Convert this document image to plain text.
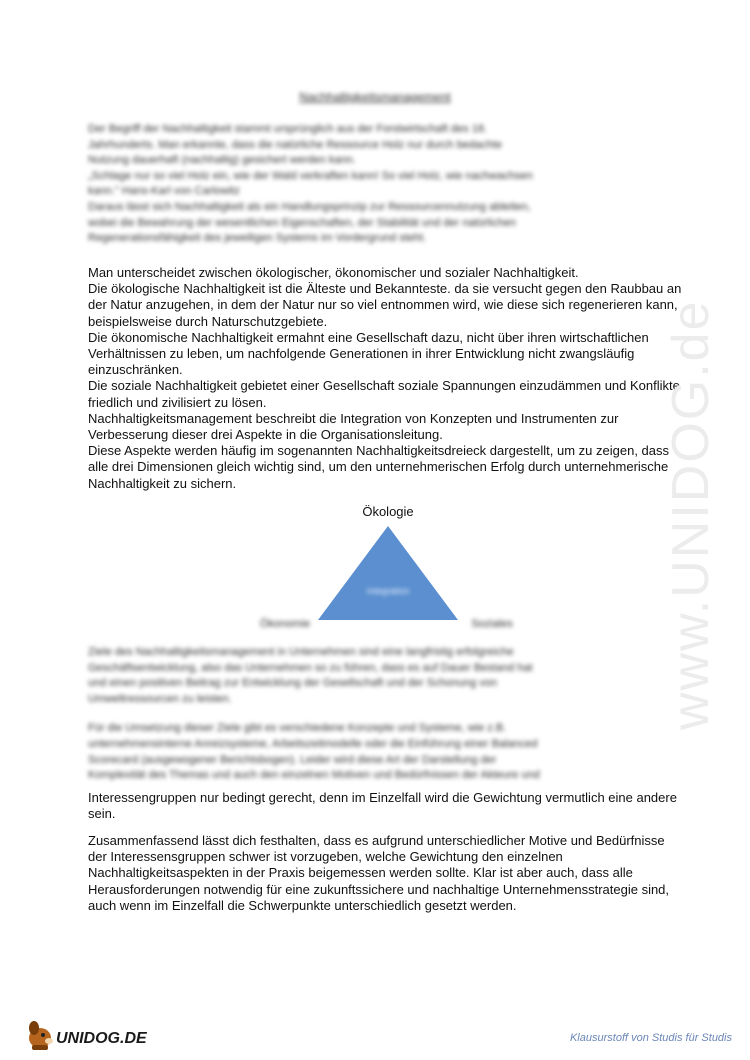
Nachhaltigkeitsmanagement
Der Begriff der Nachhaltigkeit stammt ursprünglich aus der Forstwirtschaft des 18.
Jahrhunderts. Man erkannte, dass die natürliche Ressource Holz nur durch bedachte
Nutzung dauerhaft (nachhaltig) gesichert werden kann.
„Schlage nur so viel Holz ein, wie der Wald verkraften kann! So viel Holz, wie nachwachsen
kann." Hans-Karl von Carlowitz
Daraus lässt sich Nachhaltigkeit als ein Handlungsprinzip zur Ressourcennutzung ableiten,
wobei die Bewahrung der wesentlichen Eigenschaften, der Stabilität und der natürlichen
Regenerationsfähigkeit des jeweiligen Systems im Vordergrund steht.

Man unterscheidet zwischen ökologischer, ökonomischer und sozialer Nachhaltigkeit.
Die ökologische Nachhaltigkeit ist die Älteste und Bekannteste. da sie versucht gegen den Raubbau an der Natur anzugehen, in dem der Natur nur so viel entnommen wird, wie diese sich regenerieren kann, beispielsweise durch Naturschutzgebiete.
Die ökonomische Nachhaltigkeit ermahnt eine Gesellschaft dazu, nicht über ihren wirtschaftlichen Verhältnissen zu leben, um nachfolgende Generationen in ihrer Entwicklung nicht zwangsläufig einzuschränken.
Die soziale Nachhaltigkeit gebietet einer Gesellschaft soziale Spannungen einzudämmen und Konflikte friedlich und zivilisiert zu lösen.
Nachhaltigkeitsmanagement beschreibt die Integration von Konzepten und Instrumenten zur Verbesserung dieser drei Aspekte in die Organisationsleitung.
Diese Aspekte werden häufig im sogenannten Nachhaltigkeitsdreieck dargestellt, um zu zeigen, dass alle drei Dimensionen gleich wichtig sind, um den unternehmerischen Erfolg durch unternehmerische Nachhaltigkeit zu sichern.

Ökologie
Integration
Ökonomie	Soziales
Ziele des Nachhaltigkeitsmanagement in Unternehmen sind eine langfristig erfolgreiche
Geschäftsentwicklung, also das Unternehmen so zu führen, dass es auf Dauer Bestand hat
und einen positiven Beitrag zur Entwicklung der Gesellschaft und der Schonung von
Umweltressourcen zu leisten.
Für die Umsetzung dieser Ziele gibt es verschiedene Konzepte und Systeme, wie z.B.
unternehmensinterne Anreizsysteme, Arbeitszeitmodelle oder die Einführung einer Balanced
Scorecard (ausgewogener Berichtsbogen). Leider wird diese Art der Darstellung der
Komplexität des Themas und auch den einzelnen Motiven und Bedürfnissen der Akteure und

Interessengruppen nur bedingt gerecht, denn im Einzelfall wird die Gewichtung vermutlich eine andere sein.

Zusammenfassend lässt dich festhalten, dass es aufgrund unterschiedlicher Motive und Bedürfnisse der Interessensgruppen schwer ist vorzugeben, welche Gewichtung den einzelnen Nachhaltigkeitsaspekten in der Praxis beigemessen werden sollte. Klar ist aber auch, dass alle Herausforderungen notwendig für eine zukunftssichere und nachhaltige Unternehmensstrategie sind, auch wenn im Einzelfall die Schwerpunkte unterschiedlich gesetzt werden.

www.UNIDOG.de
UNIDOG.DE	Klausurstoff von Studis für Studis
